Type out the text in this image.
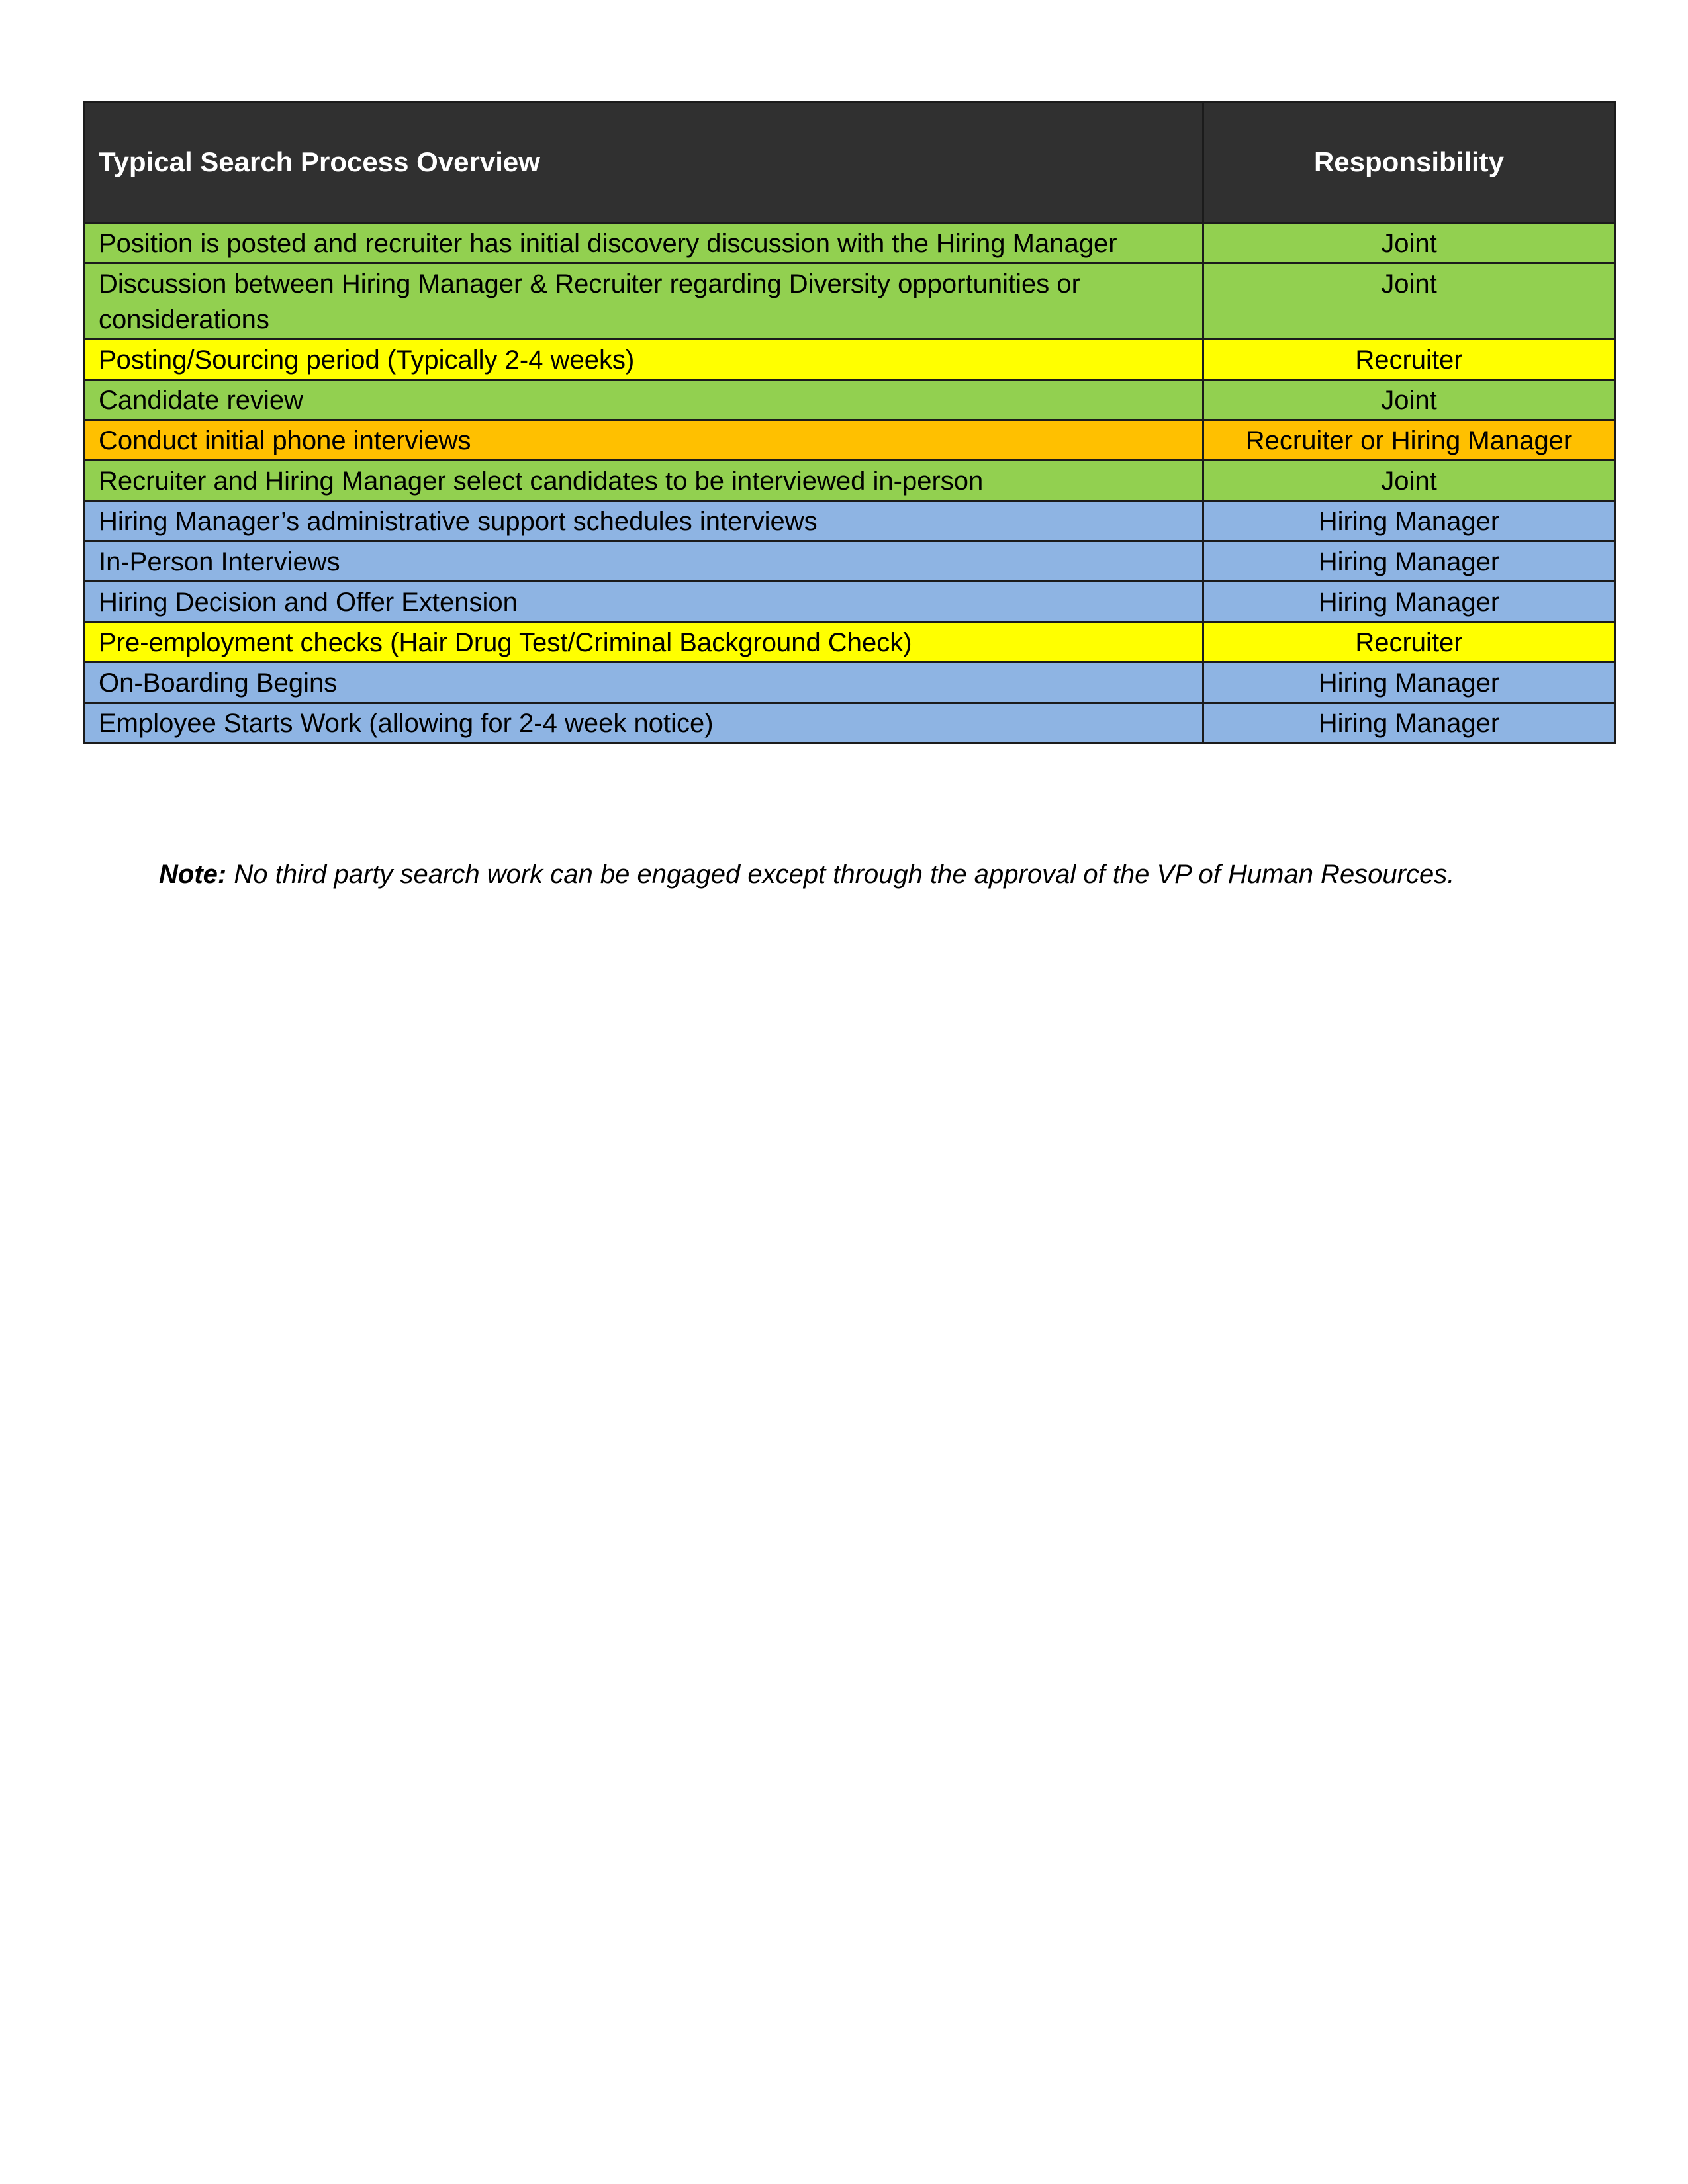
Typical Search Process Overview	Responsibility
Position is posted and recruiter has initial discovery discussion with the Hiring Manager	Joint
Discussion between Hiring Manager & Recruiter regarding Diversity opportunities or considerations	Joint
Posting/Sourcing period (Typically 2-4 weeks)	Recruiter
Candidate review	Joint
Conduct initial phone interviews	Recruiter or Hiring Manager
Recruiter and Hiring Manager select candidates to be interviewed in-person	Joint
Hiring Manager’s administrative support schedules interviews	Hiring Manager
In-Person Interviews	Hiring Manager
Hiring Decision and Offer Extension	Hiring Manager
Pre-employment checks (Hair Drug Test/Criminal Background Check)	Recruiter
On-Boarding Begins	Hiring Manager
Employee Starts Work (allowing for 2-4 week notice)	Hiring Manager

Note: No third party search work can be engaged except through the approval of the VP of Human Resources.
